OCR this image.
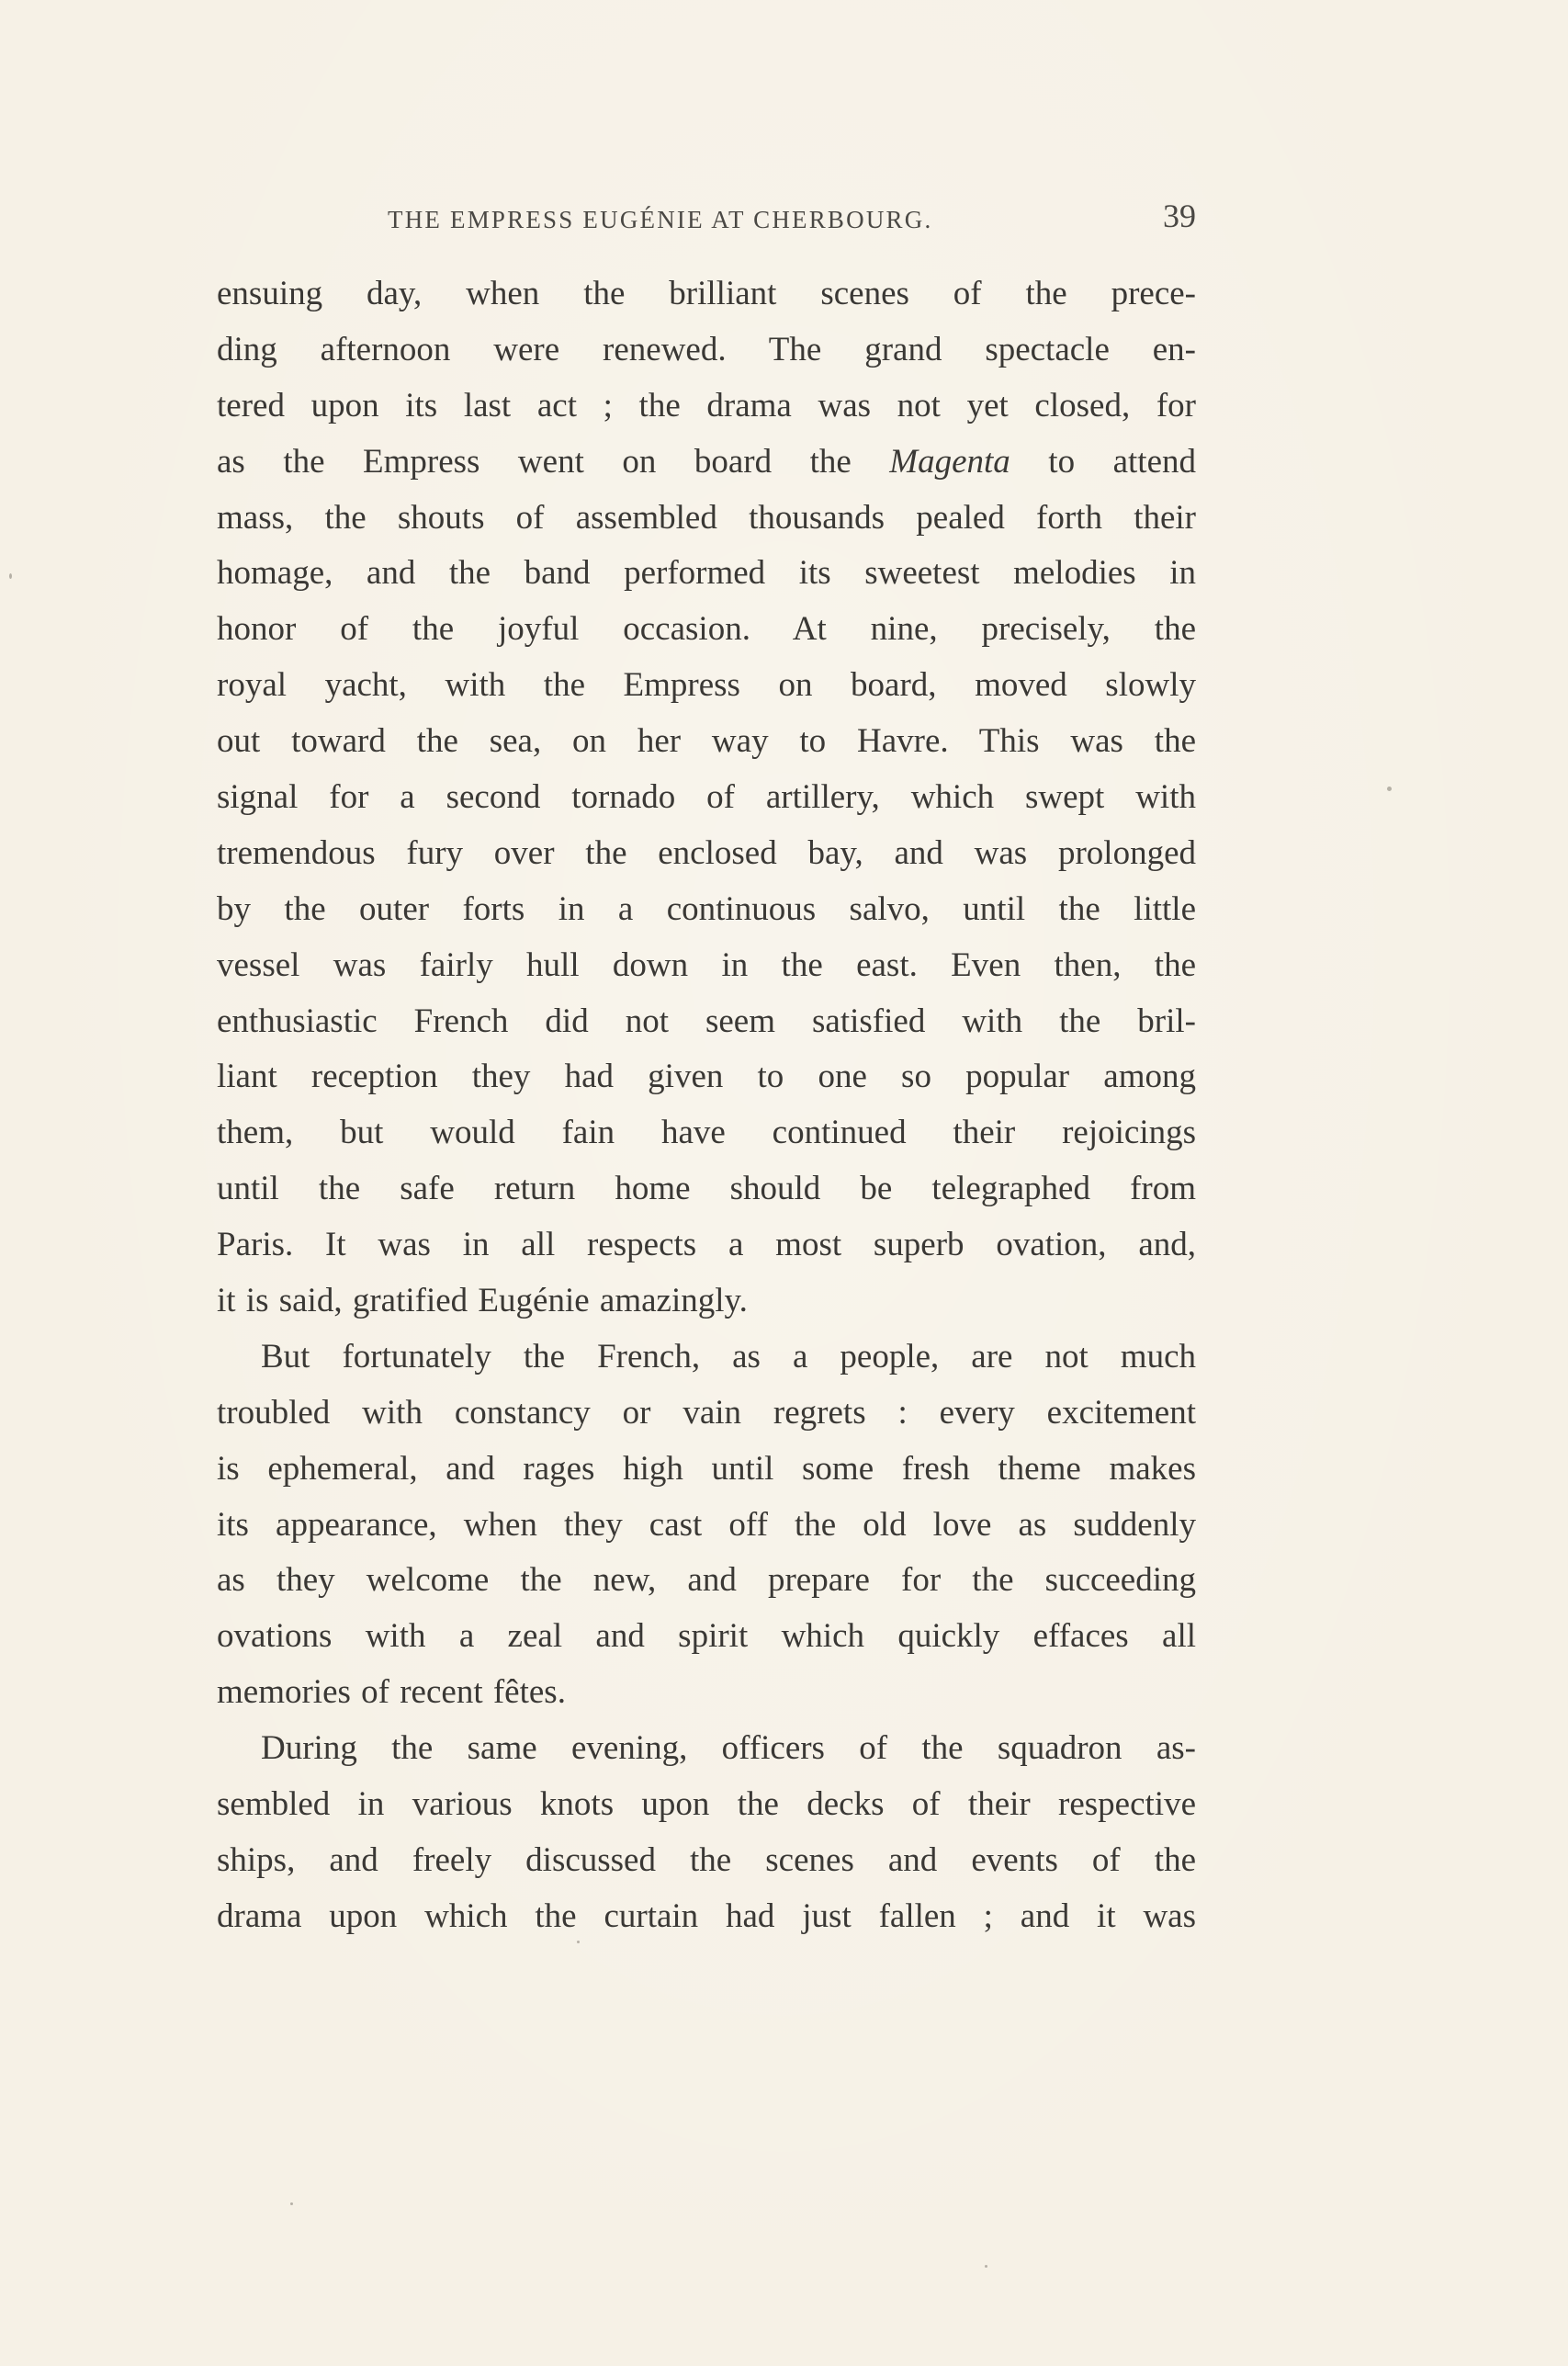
THE EMPRESS EUGÉNIE AT CHERBOURG.	39
ensuing day, when the brilliant scenes of the prece-
ding afternoon were renewed. The grand spectacle en-
tered upon its last act ; the drama was not yet closed, for
as the Empress went on board the Magenta to attend
mass, the shouts of assembled thousands pealed forth their
homage, and the band performed its sweetest melodies in
honor of the joyful occasion. At nine, precisely, the
royal yacht, with the Empress on board, moved slowly
out toward the sea, on her way to Havre. This was the
signal for a second tornado of artillery, which swept with
tremendous fury over the enclosed bay, and was prolonged
by the outer forts in a continuous salvo, until the little
vessel was fairly hull down in the east. Even then, the
enthusiastic French did not seem satisfied with the bril-
liant reception they had given to one so popular among
them, but would fain have continued their rejoicings
until the safe return home should be telegraphed from
Paris. It was in all respects a most superb ovation, and,
it is said, gratified Eugénie amazingly.
But fortunately the French, as a people, are not much
troubled with constancy or vain regrets : every excitement
is ephemeral, and rages high until some fresh theme makes
its appearance, when they cast off the old love as suddenly
as they welcome the new, and prepare for the succeeding
ovations with a zeal and spirit which quickly effaces all
memories of recent fêtes.
During the same evening, officers of the squadron as-
sembled in various knots upon the decks of their respective
ships, and freely discussed the scenes and events of the
drama upon which the curtain had just fallen ; and it was
